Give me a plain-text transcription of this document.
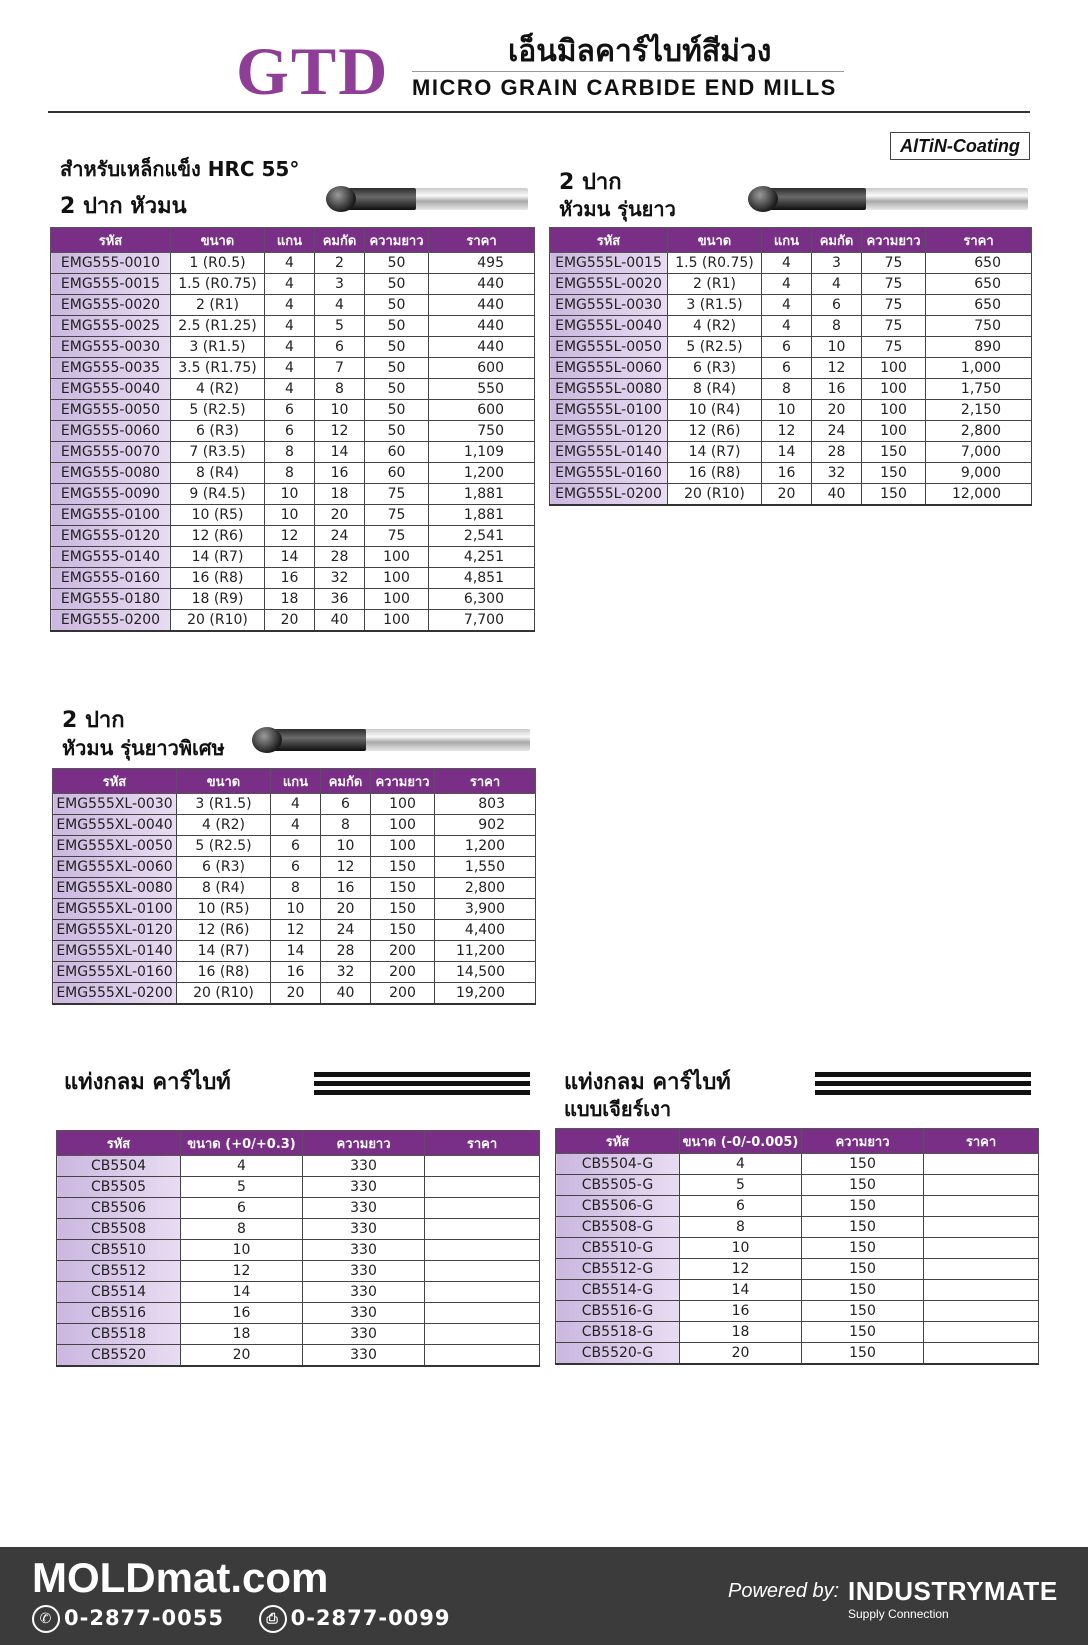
GTD	เอ็นมิลคาร์ไบท์สีม่วง
MICRO GRAIN CARBIDE END MILLS
AlTiN-Coating
สำหรับเหล็กแข็ง HRC 55°
2 ปาก หัวมน
รหัส	ขนาด	แกน	คมกัด	ความยาว	ราคา
EMG555-0010	1 (R0.5)	4	2	50	495
EMG555-0015	1.5 (R0.75)	4	3	50	440
EMG555-0020	2 (R1)	4	4	50	440
EMG555-0025	2.5 (R1.25)	4	5	50	440
EMG555-0030	3 (R1.5)	4	6	50	440
EMG555-0035	3.5 (R1.75)	4	7	50	600
EMG555-0040	4 (R2)	4	8	50	550
EMG555-0050	5 (R2.5)	6	10	50	600
EMG555-0060	6 (R3)	6	12	50	750
EMG555-0070	7 (R3.5)	8	14	60	1,109
EMG555-0080	8 (R4)	8	16	60	1,200
EMG555-0090	9 (R4.5)	10	18	75	1,881
EMG555-0100	10 (R5)	10	20	75	1,881
EMG555-0120	12 (R6)	12	24	75	2,541
EMG555-0140	14 (R7)	14	28	100	4,251
EMG555-0160	16 (R8)	16	32	100	4,851
EMG555-0180	18 (R9)	18	36	100	6,300
EMG555-0200	20 (R10)	20	40	100	7,700
2 ปาก
หัวมน รุ่นยาว
รหัส	ขนาด	แกน	คมกัด	ความยาว	ราคา
EMG555L-0015	1.5 (R0.75)	4	3	75	650
EMG555L-0020	2 (R1)	4	4	75	650
EMG555L-0030	3 (R1.5)	4	6	75	650
EMG555L-0040	4 (R2)	4	8	75	750
EMG555L-0050	5 (R2.5)	6	10	75	890
EMG555L-0060	6 (R3)	6	12	100	1,000
EMG555L-0080	8 (R4)	8	16	100	1,750
EMG555L-0100	10 (R4)	10	20	100	2,150
EMG555L-0120	12 (R6)	12	24	100	2,800
EMG555L-0140	14 (R7)	14	28	150	7,000
EMG555L-0160	16 (R8)	16	32	150	9,000
EMG555L-0200	20 (R10)	20	40	150	12,000
2 ปาก
หัวมน รุ่นยาวพิเศษ
รหัส	ขนาด	แกน	คมกัด	ความยาว	ราคา
EMG555XL-0030	3 (R1.5)	4	6	100	803
EMG555XL-0040	4 (R2)	4	8	100	902
EMG555XL-0050	5 (R2.5)	6	10	100	1,200
EMG555XL-0060	6 (R3)	6	12	150	1,550
EMG555XL-0080	8 (R4)	8	16	150	2,800
EMG555XL-0100	10 (R5)	10	20	150	3,900
EMG555XL-0120	12 (R6)	12	24	150	4,400
EMG555XL-0140	14 (R7)	14	28	200	11,200
EMG555XL-0160	16 (R8)	16	32	200	14,500
EMG555XL-0200	20 (R10)	20	40	200	19,200
แท่งกลม คาร์ไบท์
รหัส	ขนาด (+0/+0.3)	ความยาว	ราคา
CB5504	4	330	
CB5505	5	330	
CB5506	6	330	
CB5508	8	330	
CB5510	10	330	
CB5512	12	330	
CB5514	14	330	
CB5516	16	330	
CB5518	18	330	
CB5520	20	330	
แท่งกลม คาร์ไบท์
แบบเจียร์เงา
รหัส	ขนาด (-0/-0.005)	ความยาว	ราคา
CB5504-G	4	150	
CB5505-G	5	150	
CB5506-G	6	150	
CB5508-G	8	150	
CB5510-G	10	150	
CB5512-G	12	150	
CB5514-G	14	150	
CB5516-G	16	150	
CB5518-G	18	150	
CB5520-G	20	150	
MOLDmat.com
✆ 0-2877-0055	⎙ 0-2877-0099
Powered by: INDUSTRYMATE
Supply Connection
